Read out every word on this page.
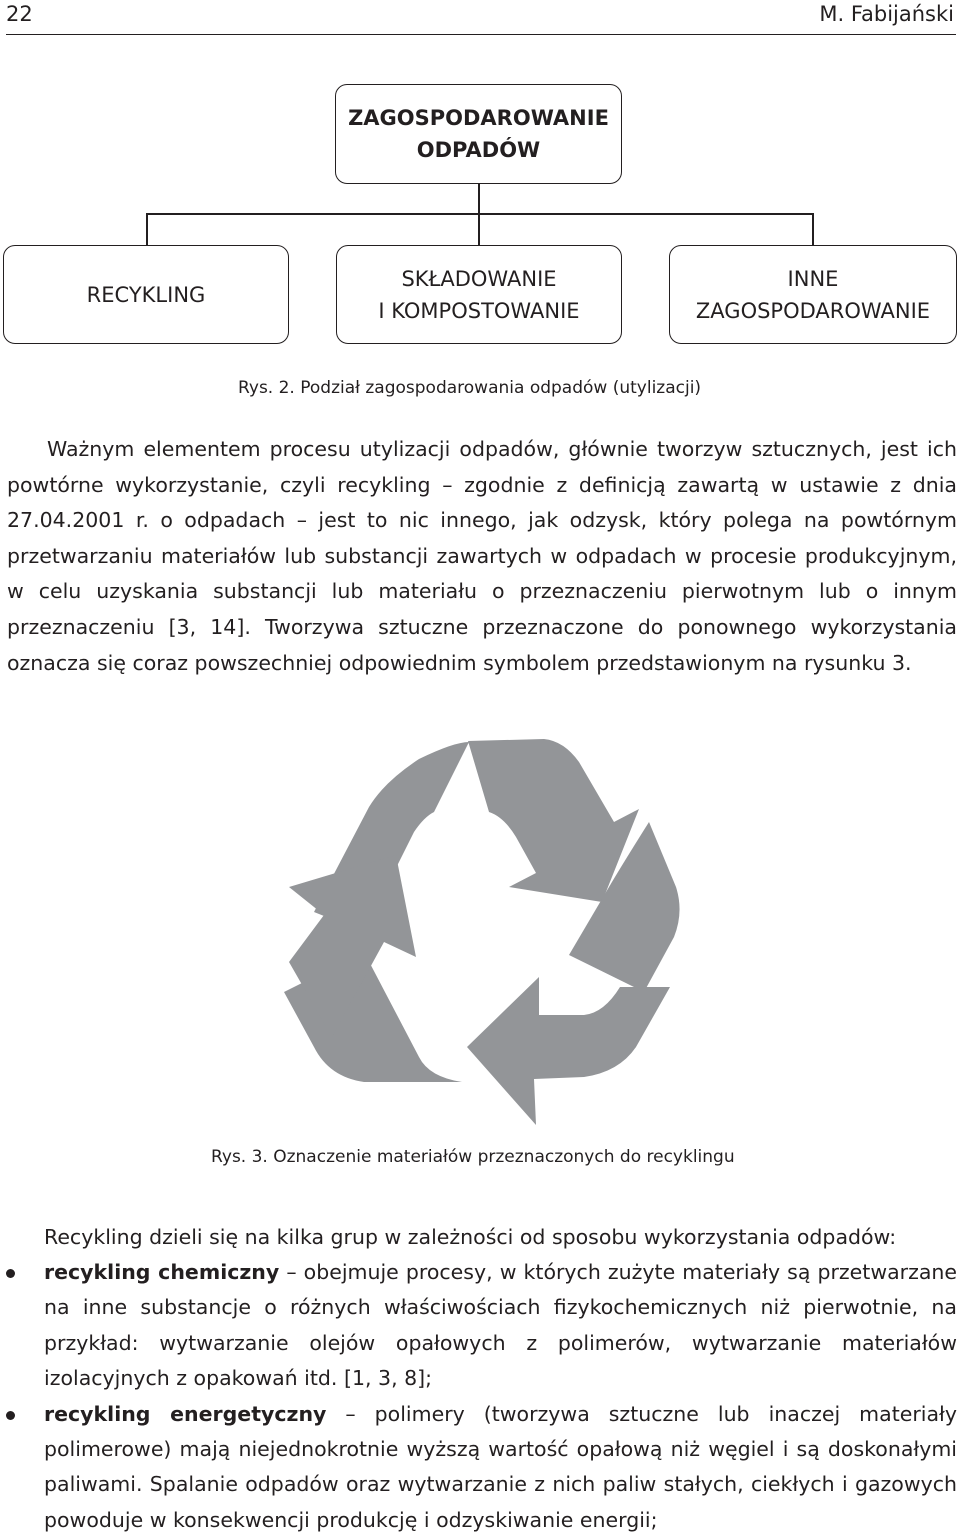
22	M. Fabijański
ZAGOSPODAROWANIE
ODPADÓW
RECYKLING
SKŁADOWANIE
I KOMPOSTOWANIE
INNE
ZAGOSPODAROWANIE
Rys. 2. Podział zagospodarowania odpadów (utylizacji)

Ważnym elementem procesu utylizacji odpadów, głównie tworzyw sztucznych, jest ich powtórne wykorzystanie, czyli recykling – zgodnie z definicją zawartą w ustawie z dnia 27.04.2001 r. o odpadach – jest to nic innego, jak odzysk, który polega na powtórnym przetwarzaniu materiałów lub substancji zawartych w odpadach w procesie produkcyjnym, w celu uzyskania substancji lub materiału o przeznaczeniu pierwotnym lub o innym przeznaczeniu [3, 14]. Tworzywa sztuczne przeznaczone do ponownego wykorzystania oznacza się coraz powszechniej odpowiednim symbolem przedstawionym na rysunku 3.

Rys. 3. Oznaczenie materiałów przeznaczonych do recyklingu
Recykling dzieli się na kilka grup w zależności od sposobu wykorzystania odpadów:

recykling chemiczny – obejmuje procesy, w których zużyte materiały są przetwarzane na inne substancje o różnych właściwościach fizykochemicznych niż pierwotnie, na przykład: wytwarzanie olejów opałowych z polimerów, wytwarzanie materiałów izolacyjnych z opakowań itd. [1, 3, 8];

recykling energetyczny – polimery (tworzywa sztuczne lub inaczej materiały polimerowe) mają niejednokrotnie wyższą wartość opałową niż węgiel i są doskonałymi paliwami. Spalanie odpadów oraz wytwarzanie z nich paliw stałych, ciekłych i gazowych powoduje w konsekwencji produkcję i odzyskiwanie energii;
